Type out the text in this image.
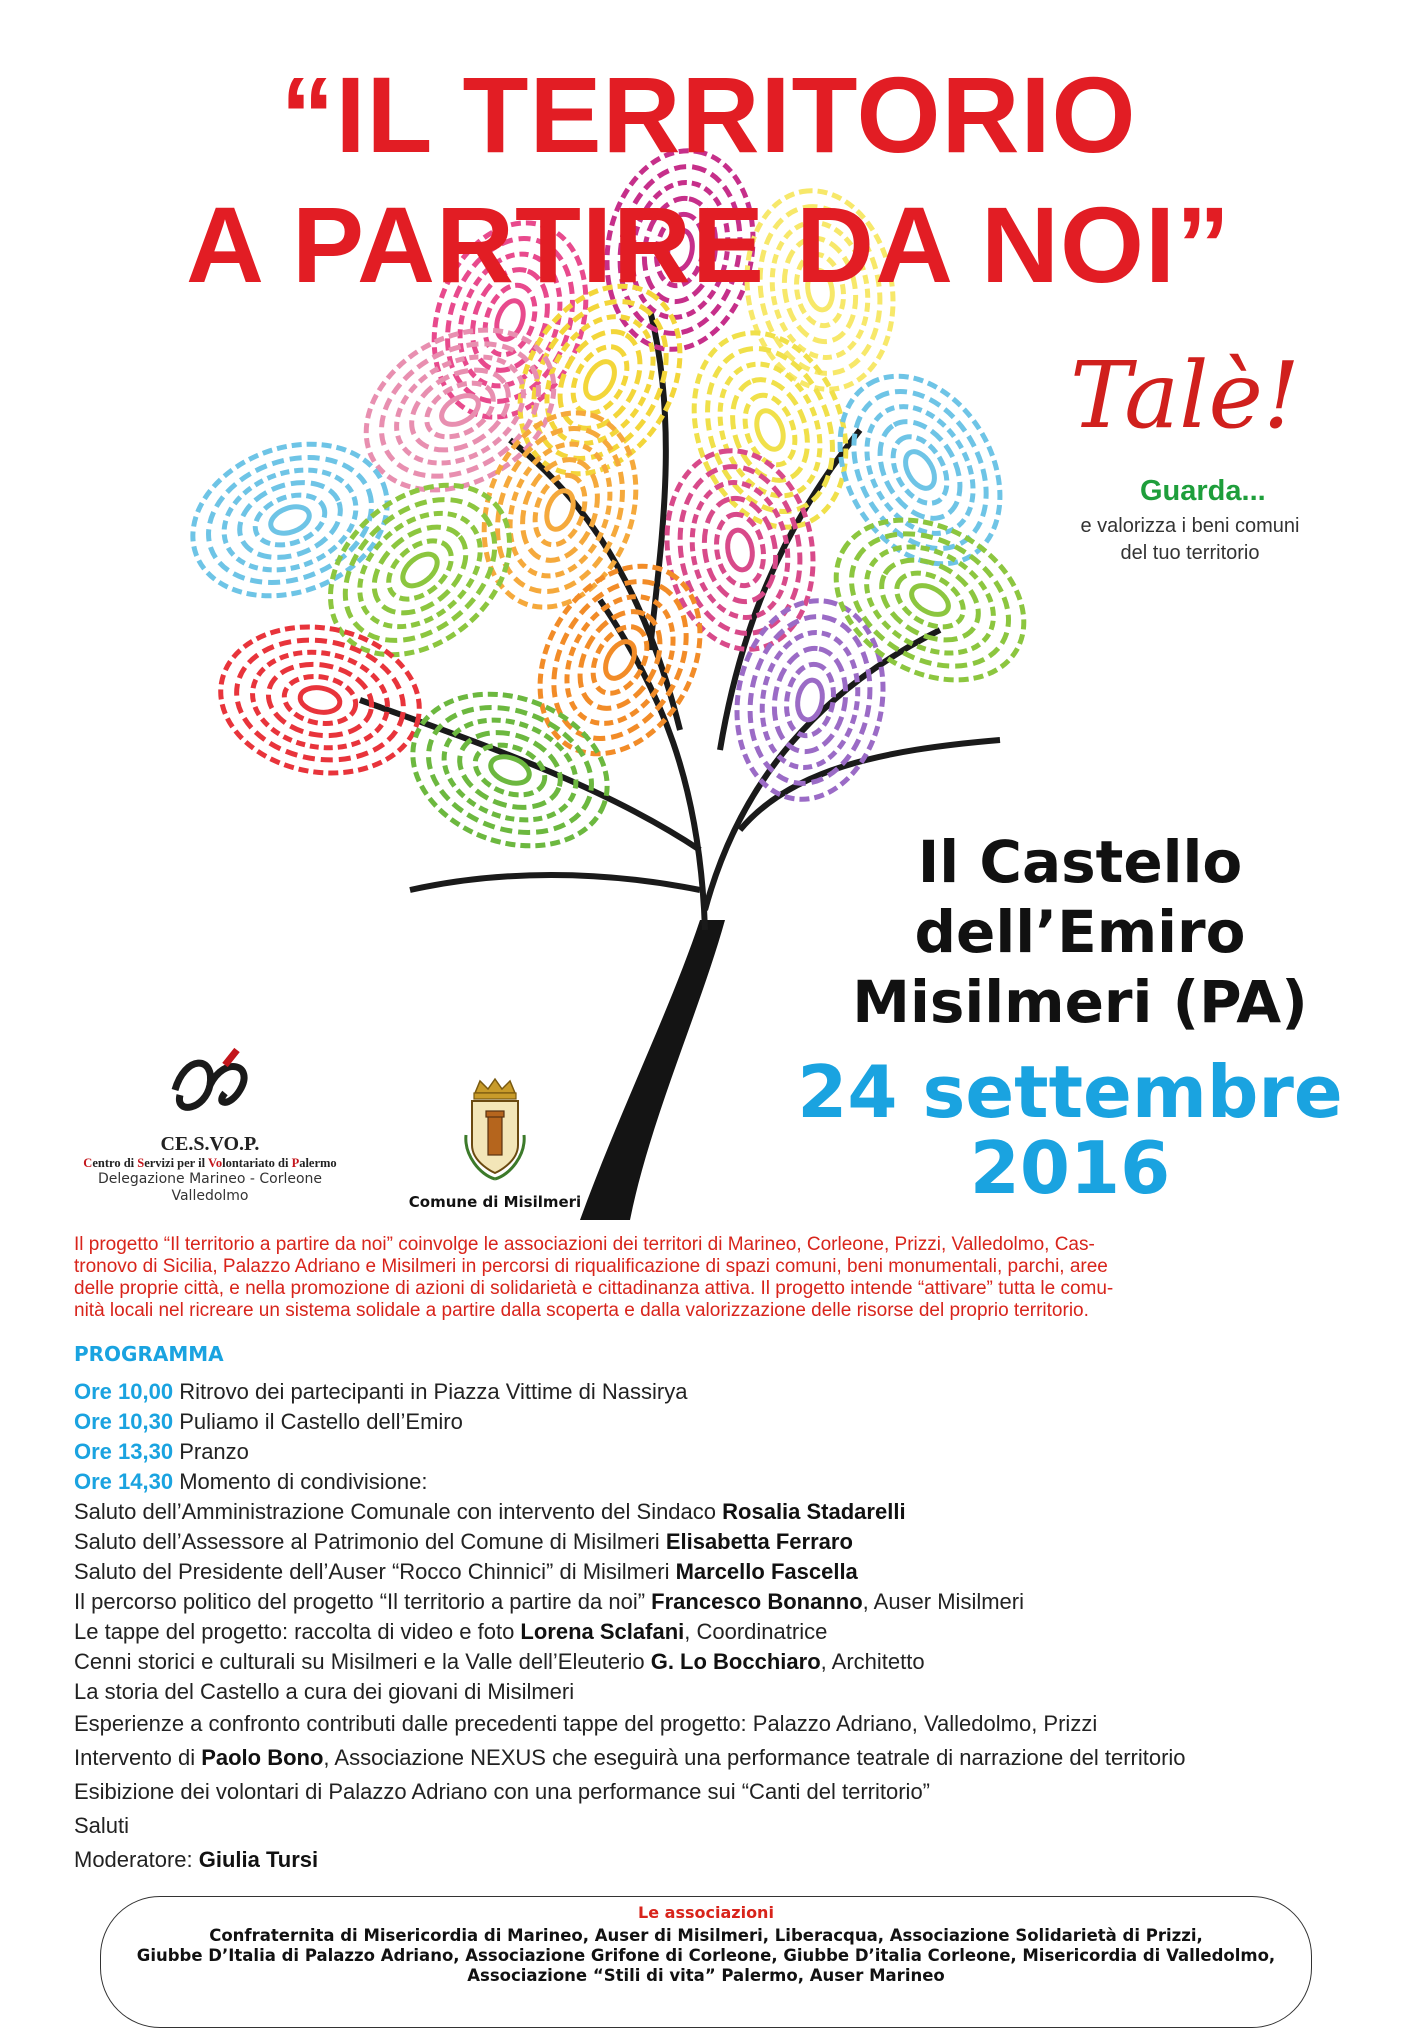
“IL TERRITORIO
A PARTIRE DA NOI”
Talè!
Guarda...
e valorizza i beni comuni
del tuo territorio
Il Castello
dell’Emiro
Misilmeri (PA)
24 settembre
2016
CE.S.VO.P.
Centro di Servizi per il Volontariato di Palermo
Delegazione Marineo - Corleone
Valledolmo	Comune di Misilmeri
Il progetto “Il territorio a partire da noi” coinvolge le associazioni dei territori di Marineo, Corleone, Prizzi, Valledolmo, Cas-
tronovo di Sicilia, Palazzo Adriano e Misilmeri in percorsi di riqualificazione di spazi comuni, beni monumentali, parchi, aree
delle proprie città, e nella promozione di azioni di solidarietà e cittadinanza attiva. Il progetto intende “attivare” tutta le comu-
nità locali nel ricreare un sistema solidale a partire dalla scoperta e dalla valorizzazione delle risorse del proprio territorio.
PROGRAMMA
Ore 10,00 Ritrovo dei partecipanti in Piazza Vittime di Nassirya
Ore 10,30 Puliamo il Castello dell’Emiro
Ore 13,30 Pranzo
Ore 14,30 Momento di condivisione:
Saluto dell’Amministrazione Comunale con intervento del Sindaco Rosalia Stadarelli
Saluto dell’Assessore al Patrimonio del Comune di Misilmeri Elisabetta Ferraro
Saluto del Presidente dell’Auser “Rocco Chinnici” di Misilmeri Marcello Fascella
Il percorso politico del progetto “Il territorio a partire da noi” Francesco Bonanno, Auser Misilmeri
Le tappe del progetto: raccolta di video e foto Lorena Sclafani, Coordinatrice
Cenni storici e culturali su Misilmeri e la Valle dell’Eleuterio G. Lo Bocchiaro, Architetto
La storia del Castello a cura dei giovani di Misilmeri
Esperienze a confronto contributi dalle precedenti tappe del progetto: Palazzo Adriano, Valledolmo, Prizzi
Intervento di Paolo Bono, Associazione NEXUS che eseguirà una performance teatrale di narrazione del territorio
Esibizione dei volontari di Palazzo Adriano con una performance sui “Canti del territorio”
Saluti
Moderatore: Giulia Tursi
Le associazioni
Confraternita di Misericordia di Marineo, Auser di Misilmeri, Liberacqua, Associazione Solidarietà di Prizzi,
Giubbe D’Italia di Palazzo Adriano, Associazione Grifone di Corleone, Giubbe D’italia Corleone, Misericordia di Valledolmo,
Associazione “Stili di vita” Palermo, Auser Marineo
